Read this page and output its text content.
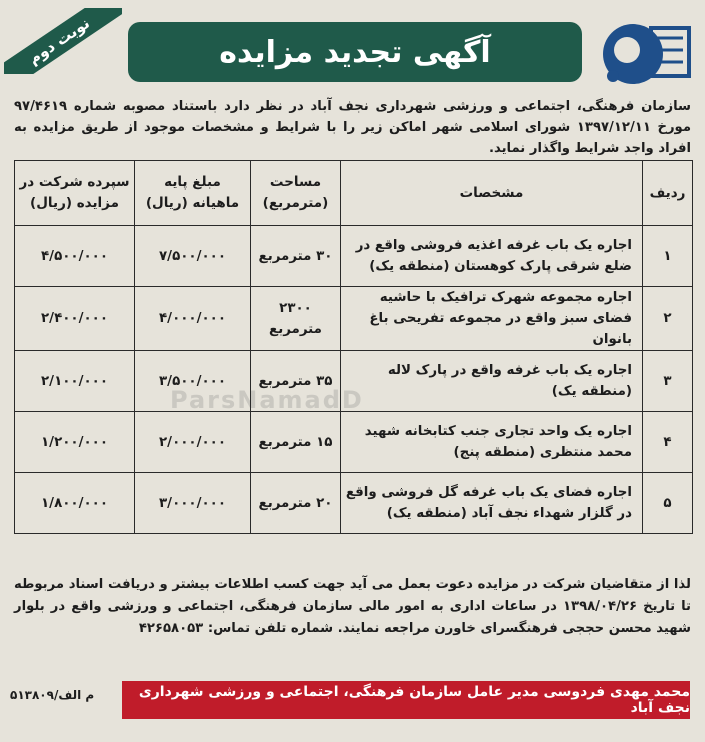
نوبت دوم	آگهی تجدید مزایده
سازمان فرهنگی، اجتماعی و ورزشی شهرداری نجف آباد در نظر دارد باستناد مصوبه شماره ۹۷/۴۶۱۹ مورخ ۱۳۹۷/۱۲/۱۱ شورای اسلامی شهر اماکن زیر را با شرایط و مشخصات موجود از طریق مزایده به افراد واجد شرایط واگذار نماید.
ParsNamadD
ردیف	مشخصات	مساحت (مترمربع)	مبلغ پایه ماهیانه (ریال)	سپرده شرکت در مزایده (ریال)
۱	اجاره یک باب غرفه اغذیه فروشی واقع در ضلع شرقی پارک کوهستان (منطقه یک)	۳۰ مترمربع	۷/۵۰۰/۰۰۰	۴/۵۰۰/۰۰۰
۲	اجاره مجموعه شهرک ترافیک با حاشیه فضای سبز واقع در مجموعه تفریحی باغ بانوان	۲۳۰۰ مترمربع	۴/۰۰۰/۰۰۰	۲/۴۰۰/۰۰۰
۳	اجاره یک باب غرفه واقع در پارک لاله (منطقه یک)	۳۵ مترمربع	۳/۵۰۰/۰۰۰	۲/۱۰۰/۰۰۰
۴	اجاره یک واحد تجاری جنب کتابخانه شهید محمد منتظری (منطقه پنج)	۱۵ مترمربع	۲/۰۰۰/۰۰۰	۱/۲۰۰/۰۰۰
۵	اجاره فضای یک باب غرفه گل فروشی واقع در گلزار شهداء نجف آباد (منطقه یک)	۲۰ مترمربع	۳/۰۰۰/۰۰۰	۱/۸۰۰/۰۰۰
لذا از متقاضیان شرکت در مزایده دعوت بعمل می آید جهت کسب اطلاعات بیشتر و دریافت اسناد مربوطه تا تاریخ ۱۳۹۸/۰۴/۲۶ در ساعات اداری به امور مالی سازمان فرهنگی، اجتماعی و ورزشی واقع در بلوار شهید محسن حججی فرهنگسرای خاورن مراجعه نمایند. شماره تلفن تماس: ۴۲۶۵۸۰۵۳
محمد مهدی فردوسی مدیر عامل سازمان فرهنگی، اجتماعی و ورزشی شهرداری نجف آباد
۵۱۳۸۰۹/م الف
